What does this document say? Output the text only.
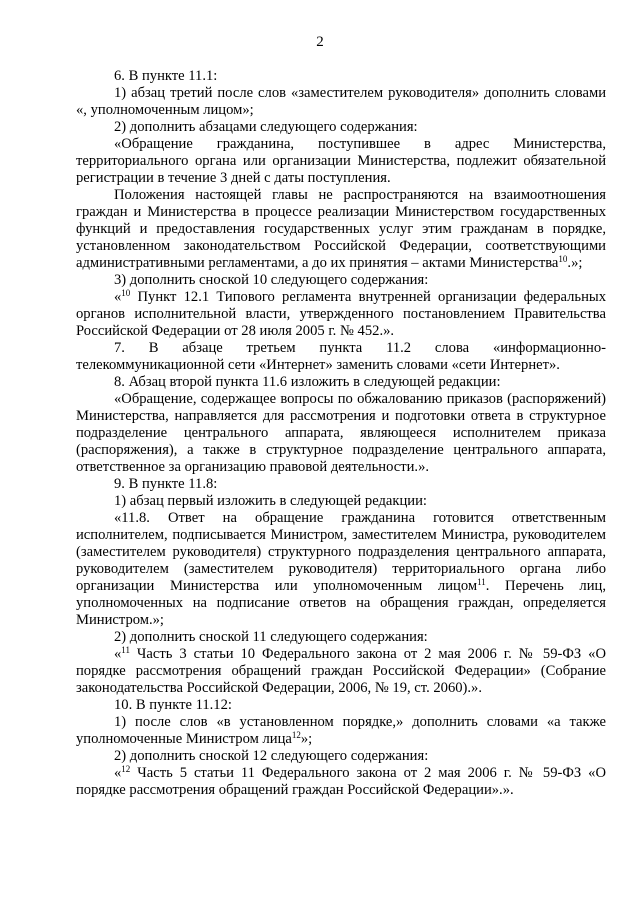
2

6. В пункте 11.1:

1) абзац третий после слов «заместителем руководителя» дополнить словами «, уполномоченным лицом»;

2) дополнить абзацами следующего содержания:

«Обращение гражданина, поступившее в адрес Министерства, территориального органа или организации Министерства, подлежит обязательной регистрации в течение 3 дней с даты поступления.

Положения настоящей главы не распространяются на взаимоотношения граждан и Министерства в процессе реализации Министерством государственных функций и предоставления государственных услуг этим гражданам в порядке, установленном законодательством Российской Федерации, соответствующими административными регламентами, а до их принятия – актами Министерства$^{10}$.»;

3) дополнить сноской 10 следующего содержания:

«$^{10}$ Пункт 12.1 Типового регламента внутренней организации федеральных органов исполнительной власти, утвержденного постановлением Правительства Российской Федерации от 28 июля 2005 г. № 452.».

7. В абзаце третьем пункта 11.2 слова «информационно-телекоммуникационной сети «Интернет» заменить словами «сети Интернет».

8. Абзац второй пункта 11.6 изложить в следующей редакции:

«Обращение, содержащее вопросы по обжалованию приказов (распоряжений) Министерства, направляется для рассмотрения и подготовки ответа в структурное подразделение центрального аппарата, являющееся исполнителем приказа (распоряжения), а также в структурное подразделение центрального аппарата, ответственное за организацию правовой деятельности.».

9. В пункте 11.8:

1) абзац первый изложить в следующей редакции:

«11.8. Ответ на обращение гражданина готовится ответственным исполнителем, подписывается Министром, заместителем Министра, руководителем (заместителем руководителя) структурного подразделения центрального аппарата, руководителем (заместителем руководителя) территориального органа либо организации Министерства или уполномоченным лицом$^{11}$. Перечень лиц, уполномоченных на подписание ответов на обращения граждан, определяется Министром.»;

2) дополнить сноской 11 следующего содержания:

«$^{11}$ Часть 3 статьи 10 Федерального закона от 2 мая 2006 г. № 59-ФЗ «О порядке рассмотрения обращений граждан Российской Федерации» (Собрание законодательства Российской Федерации, 2006, № 19, ст. 2060).».

10. В пункте 11.12:

1) после слов «в установленном порядке,» дополнить словами «а также уполномоченные Министром лица$^{12}$»;

2) дополнить сноской 12 следующего содержания:

«$^{12}$ Часть 5 статьи 11 Федерального закона от 2 мая 2006 г. № 59-ФЗ «О порядке рассмотрения обращений граждан Российской Федерации».».
